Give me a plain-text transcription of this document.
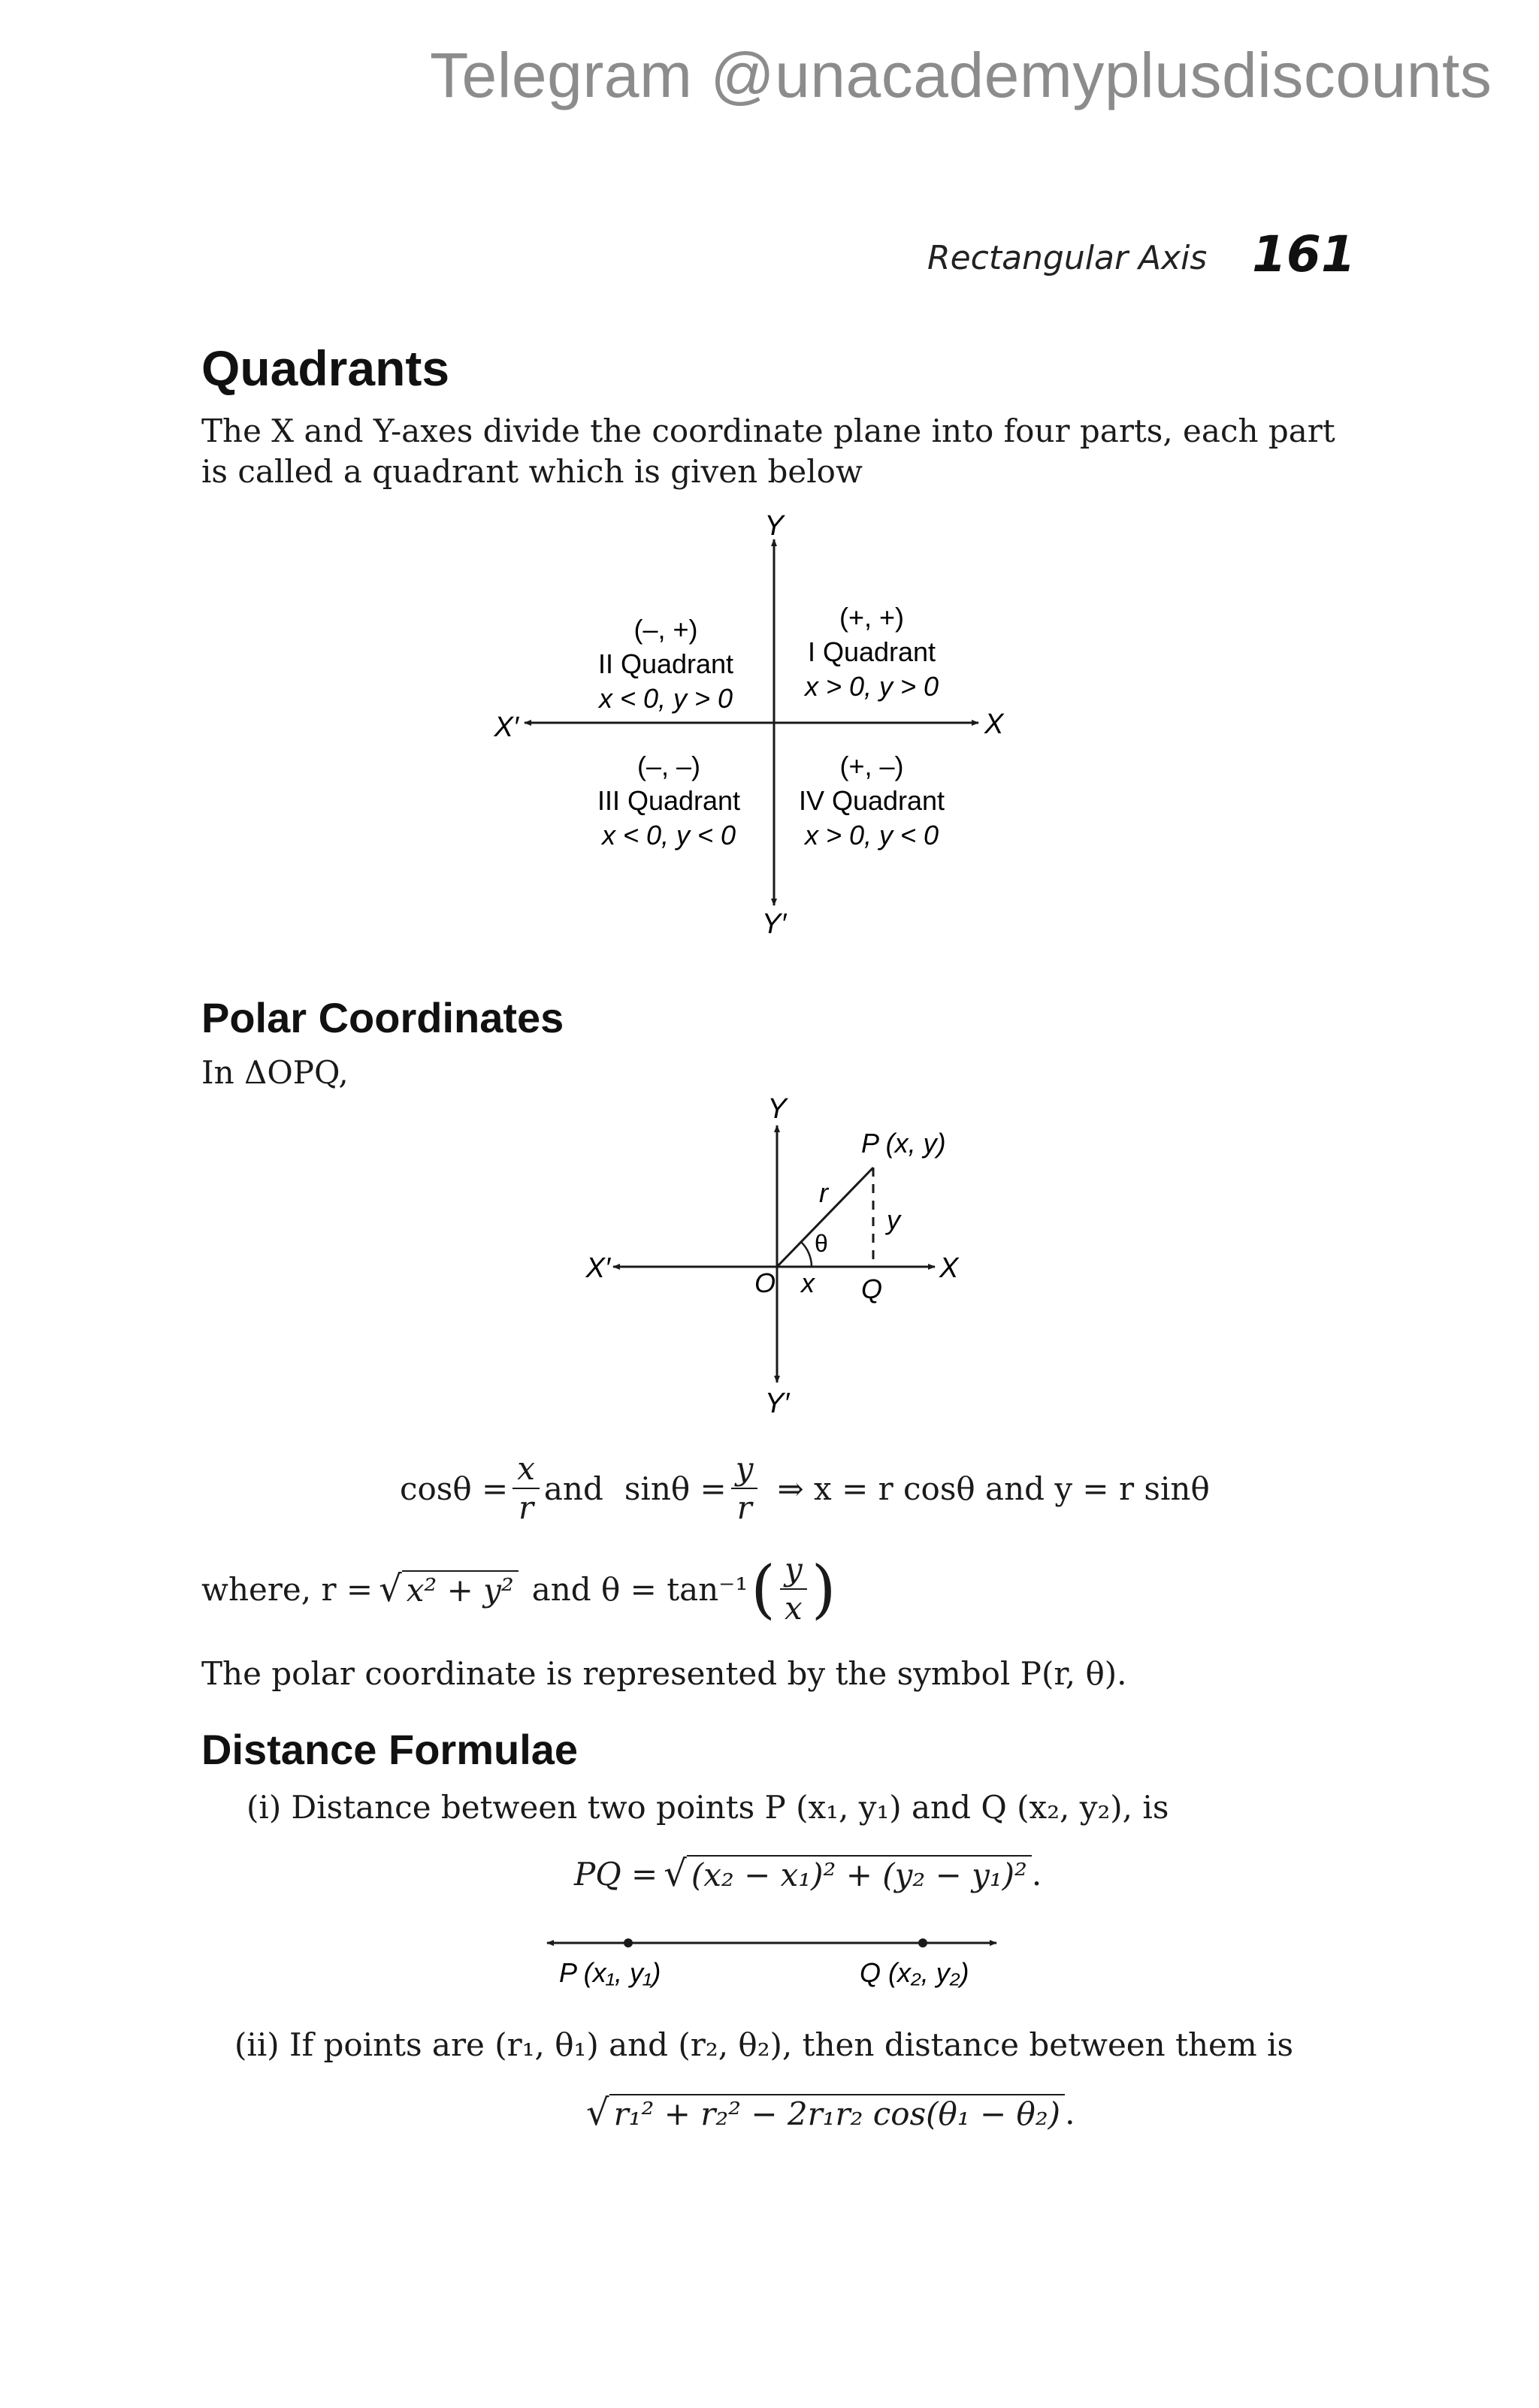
Telegram @unacademyplusdiscounts
Rectangular Axis 161
Quadrants
The X and Y-axes divide the coordinate plane into four parts, each part
is called a quadrant which is given below
Y
Y′
X
X′
(+, +)
I Quadrant
x > 0, y > 0
(–, +)
II Quadrant
x < 0, y > 0
(–, –)
III Quadrant
x < 0, y < 0
(+, –)
IV Quadrant
x > 0, y < 0
Y
Y′
X
X′
P (x, y)
r
y
θ
O x Q
P (x₁, y₁)	Q (x₂, y₂)
Polar Coordinates
In ΔOPQ,
$\cos\theta = \frac{x}{r}$ and $\sin\theta = \frac{y}{r}$ ⇒ x = r cosθ and y = r sinθ
where, r = √ x² + y² and θ = tan⁻¹ ( $\frac{y}{x}$ )
The polar coordinate is represented by the symbol P(r, θ).
Distance Formulae
(i) Distance between two points P (x₁, y₁) and Q (x₂, y₂), is
PQ = √ (x₂ − x₁)² + (y₂ − y₁)² .
(ii) If points are (r₁, θ₁) and (r₂, θ₂), then distance between them is
√ r₁² + r₂² − 2r₁r₂ cos(θ₁ − θ₂) .
